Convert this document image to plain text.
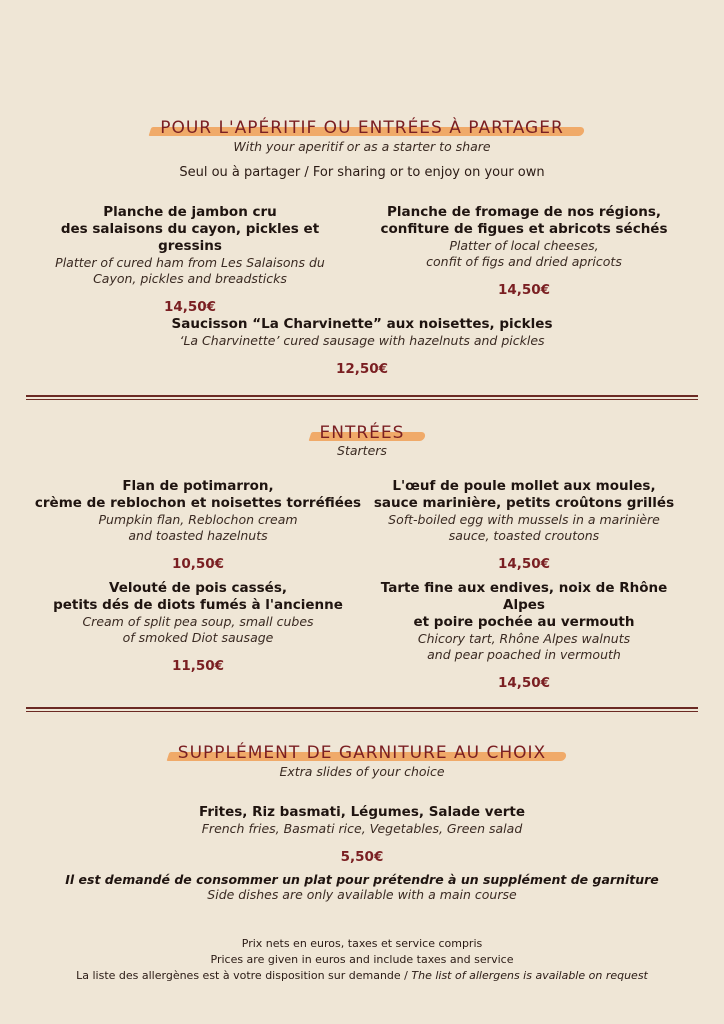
POUR L'APÉRITIF OU ENTRÉES À PARTAGER
With your aperitif or as a starter to share
Seul ou à partager / For sharing or to enjoy on your own
Planche de jambon cru
des salaisons du cayon, pickles et gressins
Platter of cured ham from Les Salaisons du
Cayon, pickles and breadsticks
14,50€
Planche de fromage de nos régions,
confiture de figues et abricots séchés
Platter of local cheeses,
confit of figs and dried apricots
14,50€
Saucisson “La Charvinette” aux noisettes, pickles
‘La Charvinette’ cured sausage with hazelnuts and pickles
12,50€
ENTRÉES
Starters
Flan de potimarron,
crème de reblochon et noisettes torréfiées
Pumpkin flan, Reblochon cream
and toasted hazelnuts
10,50€
L'œuf de poule mollet aux moules,
sauce marinière, petits croûtons grillés
Soft-boiled egg with mussels in a marinière
sauce, toasted croutons
14,50€
Velouté de pois cassés,
petits dés de diots fumés à l'ancienne
Cream of split pea soup, small cubes
of smoked Diot sausage
11,50€
Tarte fine aux endives, noix de Rhône Alpes
et poire pochée au vermouth
Chicory tart, Rhône Alpes walnuts
and pear poached in vermouth
14,50€
SUPPLÉMENT DE GARNITURE AU CHOIX
Extra slides of your choice
Frites, Riz basmati, Légumes, Salade verte
French fries, Basmati rice, Vegetables, Green salad
5,50€
Il est demandé de consommer un plat pour prétendre à un supplément de garniture
Side dishes are only available with a main course
Prix nets en euros, taxes et service compris
Prices are given in euros and include taxes and service
La liste des allergènes est à votre disposition sur demande / The list of allergens is available on request
